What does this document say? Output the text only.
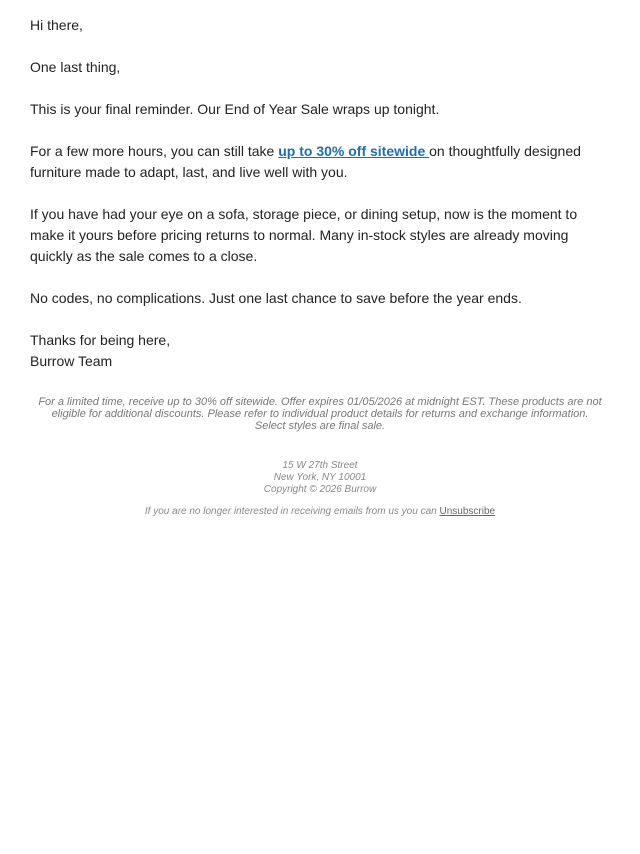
Hi there,

One last thing,

This is your final reminder. Our End of Year Sale wraps up tonight.

For a few more hours, you can still take up to 30% off sitewide on thoughtfully designed furniture made to adapt, last, and live well with you.

If you have had your eye on a sofa, storage piece, or dining setup, now is the moment to make it yours before pricing returns to normal. Many in-stock styles are already moving quickly as the sale comes to a close.

No codes, no complications. Just one last chance to save before the year ends.

Thanks for being here,
Burrow Team

For a limited time, receive up to 30% off sitewide. Offer expires 01/05/2026 at midnight EST. These products are not eligible for additional discounts. Please refer to individual product details for returns and exchange information. Select styles are final sale.
15 W 27th Street
New York, NY 10001
Copyright © 2026 Burrow
If you are no longer interested in receiving emails from us you can Unsubscribe
